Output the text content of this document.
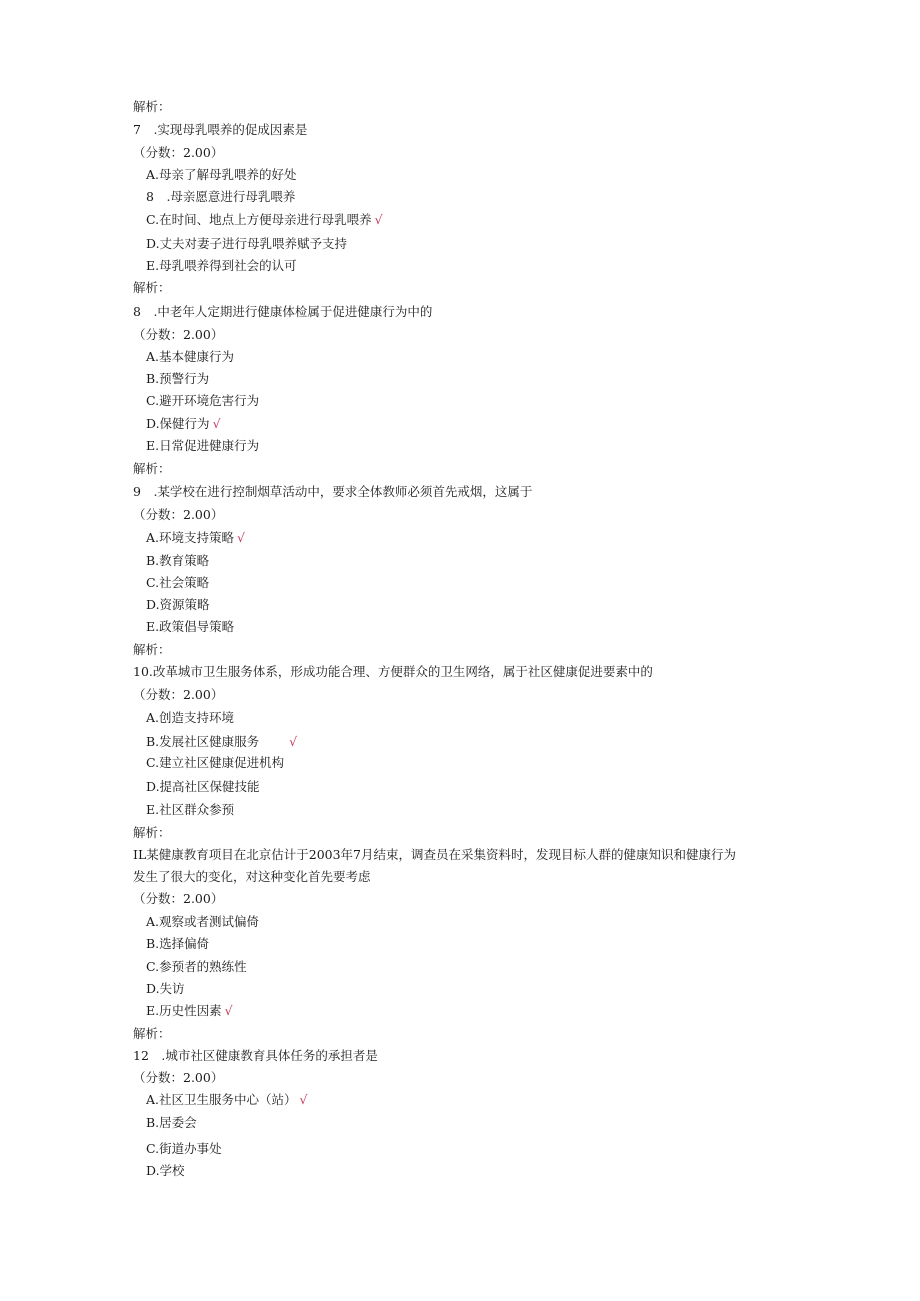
解析：
7　.实现母乳喂养的促成因素是
（分数：2.00）
A.母亲了解母乳喂养的好处
8　.母亲愿意进行母乳喂养
C.在时间、地点上方便母亲进行母乳喂养 √
D.丈夫对妻子进行母乳喂养赋予支持
E.母乳喂养得到社会的认可
解析：
8　.中老年人定期进行健康体检属于促进健康行为中的
（分数：2.00）
A.基本健康行为
B.预警行为
C.避开环境危害行为
D.保健行为 √
E.日常促进健康行为
解析：
9　.某学校在进行控制烟草活动中，要求全体教师必须首先戒烟，这属于
（分数：2.00）
A.环境支持策略 √
B.教育策略
C.社会策略
D.资源策略
E.政策倡导策略
解析：
10.改革城市卫生服务体系，形成功能合理、方便群众的卫生网络，属于社区健康促进要素中的
（分数：2.00）
A.创造支持环境
B.发展社区健康服务 √
C.建立社区健康促进机构
D.提高社区保健技能
E.社区群众参预
解析：
IL某健康教育项目在北京估计于2003年7月结束，调查员在采集资料时，发现目标人群的健康知识和健康行为
发生了很大的变化，对这种变化首先要考虑
（分数：2.00）
A.观察或者测试偏倚
B.选择偏倚
C.参预者的熟练性
D.失访
E.历史性因素 √
解析：
12　.城市社区健康教育具体任务的承担者是
（分数：2.00）
A.社区卫生服务中心（站） √
B.居委会
C.街道办事处
D.学校
